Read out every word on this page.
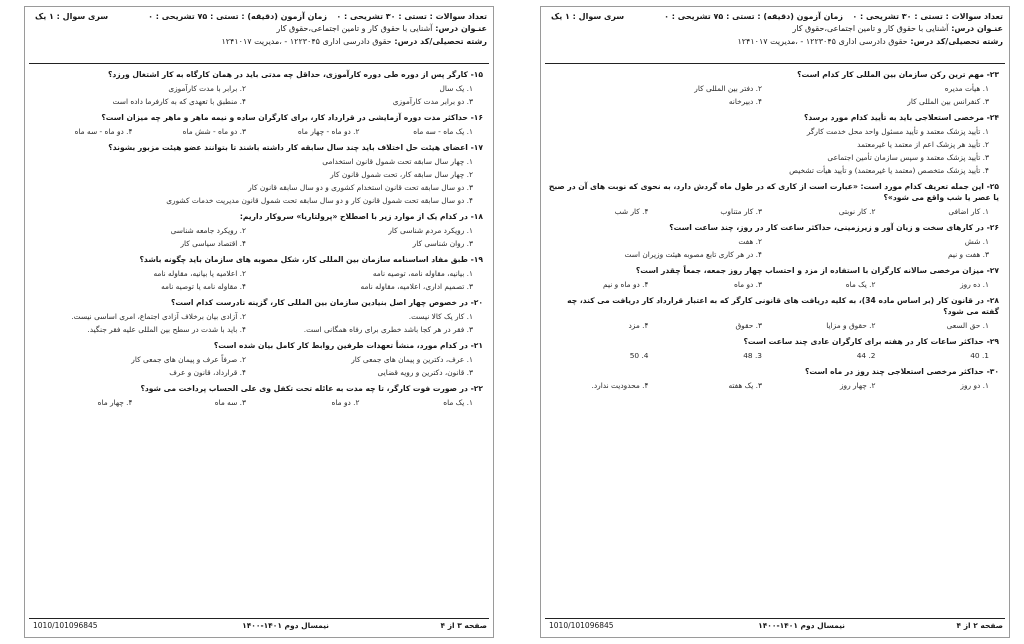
تعداد سوالات : تستی : ۳۰ تشریحی : ۰
زمان آزمون (دقیقه) : تستی : ۷۵ تشریحی : ۰
سری سوال : ۱ یک
عنـوان درس: آشنایی با حقوق کار و تامین اجتماعی،حقوق کار
رشته تحصیلی/کد درس: حقوق دادرسی اداری ۱۲۲۳۰۴۵ - ،مدیریت ۱۲۴۱۰۱۷
۱۵- کارگر پس از دوره طی دوره کارآموزی، حداقل چه مدتی باید در همان کارگاه به کار اشتغال ورزد؟
۱. یک سال
۲. برابر با مدت کارآموزی
۳. دو برابر مدت کارآموزی
۴. منطبق با تعهدی که به کارفرما داده است
۱۶- حداکثر مدت دوره آزمایشی در قرارداد کار، برای کارگران ساده و نیمه ماهر و ماهر چه میزان است؟
۱. یک ماه - سه ماه
۲. دو ماه - چهار ماه
۳. دو ماه - شش ماه
۴. دو ماه - سه ماه
۱۷- اعضای هیئت حل اختلاف باید چند سال سابقه کار داشته باشند تا بتوانند عضو هیئت مزبور بشوند؟
۱. چهار سال سابقه تحت شمول قانون استخدامی
۲. چهار سال سابقه کار، تحت شمول قانون کار
۳. دو سال سابقه تحت قانون استخدام کشوری و دو سال سابقه قانون کار
۴. دو سال سابقه تحت شمول قانون کار و دو سال سابقه تحت شمول قانون مدیریت خدمات کشوری
۱۸- در کدام یک از موارد زیر با اصطلاح «پرولتاریا» سروکار داریم:
۱. رویکرد مردم شناسی کار
۲. رویکرد جامعه شناسی
۳. روان شناسی کار
۴. اقتصاد سیاسی کار
۱۹- طبق مفاد اساسنامه سازمان بین المللی کار، شکل مصوبه های سازمان باید چگونه باشد؟
۱. بیانیه، مقاوله نامه، توصیه نامه
۲. اعلامیه یا بیانیه، مقاوله نامه
۳. تصمیم اداری، اعلامیه، مقاوله نامه
۴. مقاوله نامه یا توصیه نامه
۲۰- در خصوص چهار اصل بنیادین سازمان بین المللی کار، گزینه نادرست کدام است؟
۱. کار یک کالا نیست.
۲. آزادی بیان برخلاف آزادی اجتماع، امری اساسی نیست.
۳. فقر در هر کجا باشد خطری برای رفاه همگانی است.
۴. باید با شدت در سطح بین المللی علیه فقر جنگید.
۲۱- در کدام مورد، منشأ تعهدات طرفین روابط کار کامل بیان شده است؟
۱. عرف، دکترین و پیمان های جمعی کار
۲. صرفاً عرف و پیمان های جمعی کار
۳. قانون، دکترین و رویه قضایی
۴. قرارداد، قانون و عرف
۲۲- در صورت فوت کارگر، تا چه مدت به عائله تحت تکفل وی علی الحساب پرداخت می شود؟
۱. یک ماه
۲. دو ماه
۳. سه ماه
۴. چهار ماه
صفحه ۳ از ۴
نیمسال دوم ۱۴۰۱-۱۴۰۰
1010/101096845
تعداد سوالات : تستی : ۳۰ تشریحی : ۰
زمان آزمون (دقیقه) : تستی : ۷۵ تشریحی : ۰
سری سوال : ۱ یک
عنـوان درس: آشنایی با حقوق کار و تامین اجتماعی،حقوق کار
رشته تحصیلی/کد درس: حقوق دادرسی اداری ۱۲۲۳۰۴۵ - ،مدیریت ۱۲۴۱۰۱۷
۲۳- مهم ترین رکن سازمان بین المللی کار کدام است؟
۱. هیأت مدیره
۲. دفتر بین المللی کار
۳. کنفرانس بین المللی کار
۴. دبیرخانه
۲۴- مرخصی استعلاجی باید به تأیید کدام مورد برسد؟
۱. تأیید پزشک معتمد و تأیید مسئول واحد محل خدمت کارگر
۲. تأیید هر پزشک اعم از معتمد یا غیرمعتمد
۳. تأیید پزشک معتمد و سپس سازمان تأمین اجتماعی
۴. تأیید پزشک متخصص (معتمد یا غیرمعتمد) و تأیید هیأت تشخیص
۲۵- این جمله تعریف کدام مورد است: «عبارت است از کاری که در طول ماه گردش دارد، به نحوی که نوبت های آن در صبح یا عصر یا شب واقع می شود»؟
۱. کار اضافی
۲. کار نوبتی
۳. کار متناوب
۴. کار شب
۲۶- در کارهای سخت و زیان آور و زیرزمینی، حداکثر ساعت کار در روز، چند ساعت است؟
۱. شش
۲. هفت
۳. هفت و نیم
۴. در هر کاری تابع مصوبه هیئت وزیران است
۲۷- میزان مرخصی سالانه کارگران با استفاده از مزد و احتساب چهار روز جمعه، جمعاً چقدر است؟
۱. ده روز
۲. یک ماه
۳. دو ماه
۴. دو ماه و نیم
۲۸- در قانون کار (بر اساس ماده 34)، به کلیه دریافت های قانونی کارگر که به اعتبار قرارداد کار دریافت می کند، چه گفته می شود؟
۱. حق السعی
۲. حقوق و مزایا
۳. حقوق
۴. مزد
۲۹- حداکثر ساعات کار در هفته برای کارگران عادی چند ساعت است؟
1. 40
2. 44
3. 48
4. 50
۳۰- حداکثر مرخصی استعلاجی چند روز در ماه است؟
۱. دو روز
۲. چهار روز
۳. یک هفته
۴. محدودیت ندارد.
صفحه ۲ از ۴
نیمسال دوم ۱۴۰۱-۱۴۰۰
1010/101096845
